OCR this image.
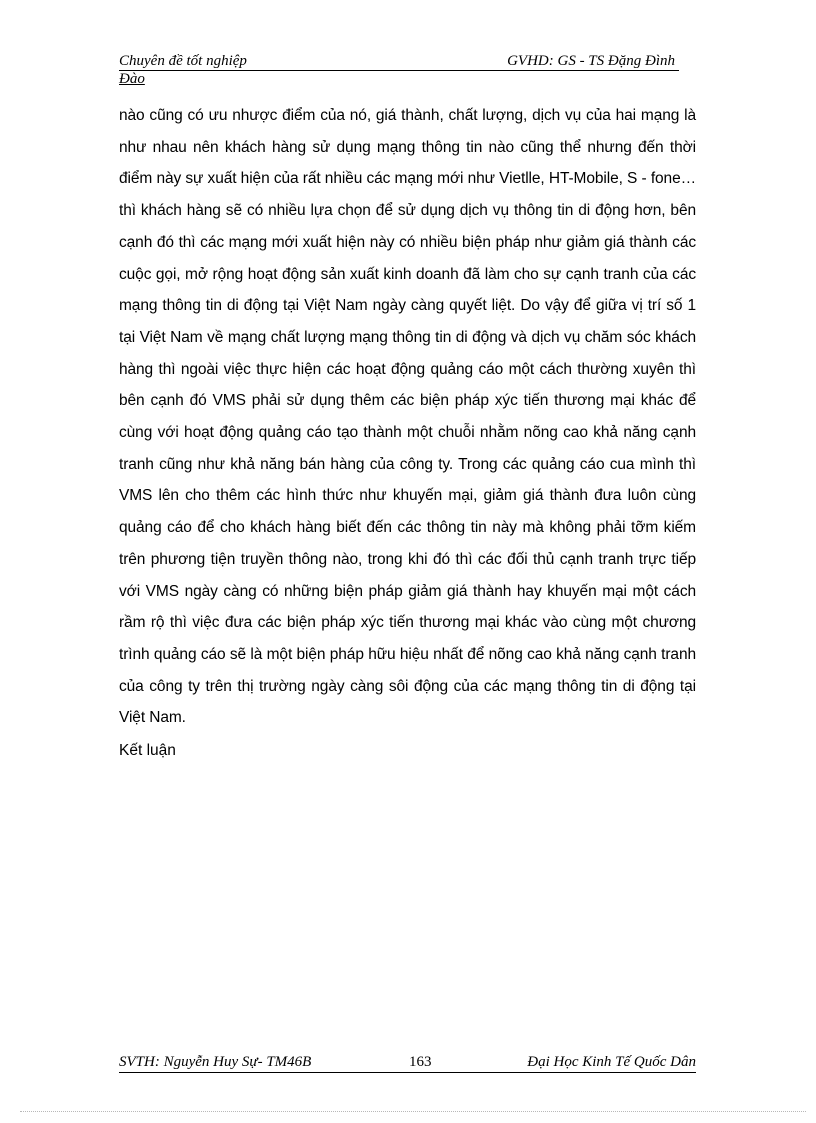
Chuyên đề tốt nghiệp	GVHD: GS - TS Đặng Đình
Đào
nào cũng có ưu nhược điểm của nó, giá thành, chất lượng, dịch vụ của hai mạng là như nhau nên khách hàng sử dụng mạng thông tin nào cũng thể nhưng đến thời điểm này sự xuất hiện của rất nhiều các mạng mới như Vietlle, HT-Mobile, S - fone…thì khách hàng sẽ có nhiều lựa chọn để sử dụng dịch vụ thông tin di động hơn, bên cạnh đó thì các mạng mới xuất hiện này có nhiều biện pháp như giảm giá thành các cuộc gọi, mở rộng hoạt động sản xuất kinh doanh đã làm cho sự cạnh tranh của các mạng thông tin di động tại Việt Nam ngày càng quyết liệt. Do vậy để giữa vị trí số 1 tại Việt Nam về mạng chất lượng mạng thông tin di động và dịch vụ chăm sóc khách hàng thì ngoài việc thực hiện các hoạt động quảng cáo một cách thường xuyên thì bên cạnh đó VMS phải sử dụng thêm các biện pháp xýc tiến thương mại khác để cùng với hoạt động quảng cáo tạo thành một chuỗi nhằm nõng cao khả năng cạnh tranh cũng như khả năng bán hàng của công ty. Trong các quảng cáo cua mình thì VMS lên cho thêm các hình thức như khuyến mại, giảm giá thành đưa luôn cùng quảng cáo để cho khách hàng biết đến các thông tin này mà không phải tỡm kiếm trên phương tiện truyền thông nào, trong khi đó thì các đối thủ cạnh tranh trực tiếp với VMS ngày càng có những biện pháp giảm giá thành hay khuyến mại một cách rầm rộ thì việc đưa các biện pháp xýc tiến thương mại khác vào cùng một chương trình quảng cáo sẽ là một biện pháp hữu hiệu nhất để nõng cao khả năng cạnh tranh của công ty trên thị trường ngày càng sôi động của các mạng thông tin di động tại Việt Nam.
Kết luận
SVTH: Nguyễn Huy Sự- TM46B	163	Đại Học Kinh Tế Quốc Dân
